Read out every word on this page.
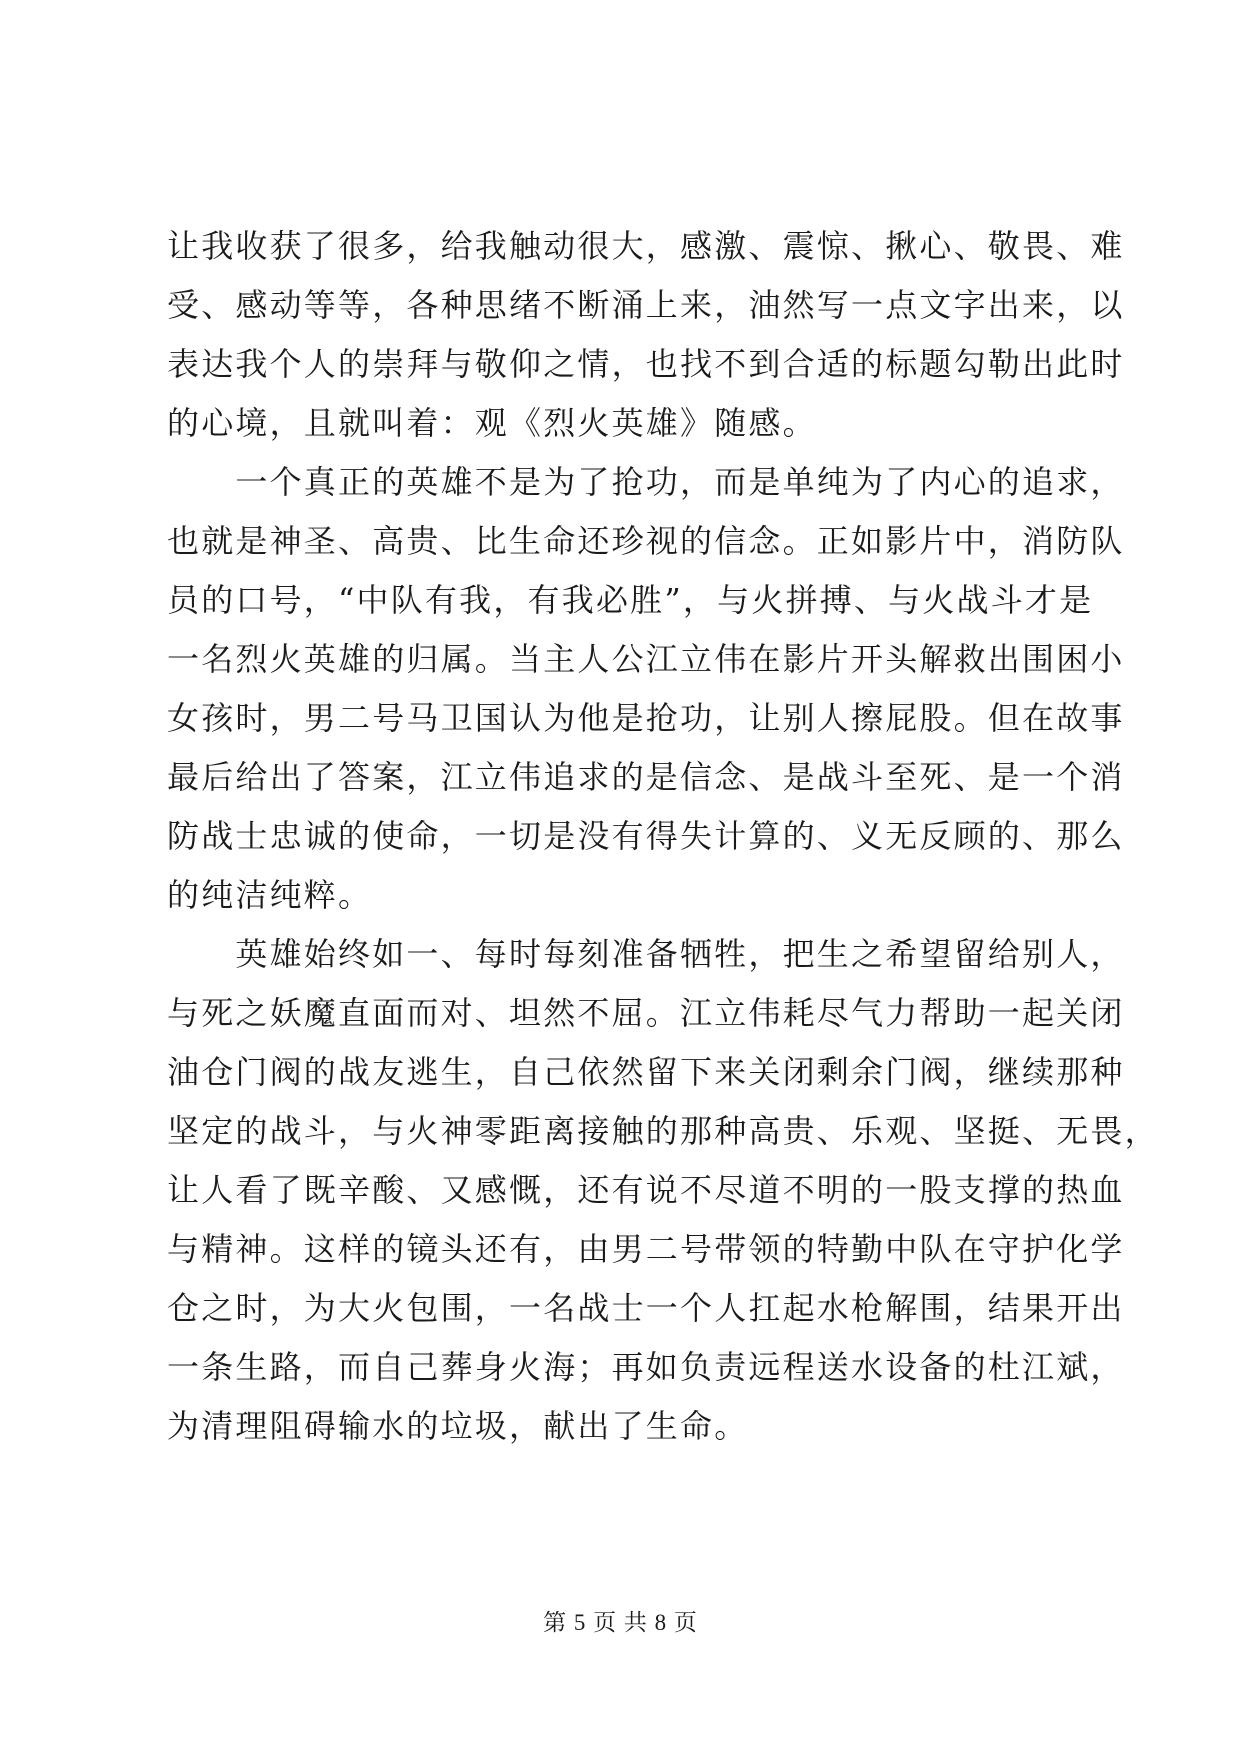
让我收获了很多，给我触动很大，感激、震惊、揪心、敬畏、难
受、感动等等，各种思绪不断涌上来，油然写一点文字出来，以
表达我个人的崇拜与敬仰之情，也找不到合适的标题勾勒出此时
的心境，且就叫着：观《烈火英雄》随感。
　　一个真正的英雄不是为了抢功，而是单纯为了内心的追求，
也就是神圣、高贵、比生命还珍视的信念。正如影片中，消防队
员的口号，“中队有我，有我必胜”，与火拼搏、与火战斗才是
一名烈火英雄的归属。当主人公江立伟在影片开头解救出围困小
女孩时，男二号马卫国认为他是抢功，让别人擦屁股。但在故事
最后给出了答案，江立伟追求的是信念、是战斗至死、是一个消
防战士忠诚的使命，一切是没有得失计算的、义无反顾的、那么
的纯洁纯粹。
　　英雄始终如一、每时每刻准备牺牲，把生之希望留给别人，
与死之妖魔直面而对、坦然不屈。江立伟耗尽气力帮助一起关闭
油仓门阀的战友逃生，自己依然留下来关闭剩余门阀，继续那种
坚定的战斗，与火神零距离接触的那种高贵、乐观、坚挺、无畏，
让人看了既辛酸、又感慨，还有说不尽道不明的一股支撑的热血
与精神。这样的镜头还有，由男二号带领的特勤中队在守护化学
仓之时，为大火包围，一名战士一个人扛起水枪解围，结果开出
一条生路，而自己葬身火海；再如负责远程送水设备的杜江斌，
为清理阻碍输水的垃圾，献出了生命。
第 5 页 共 8 页
